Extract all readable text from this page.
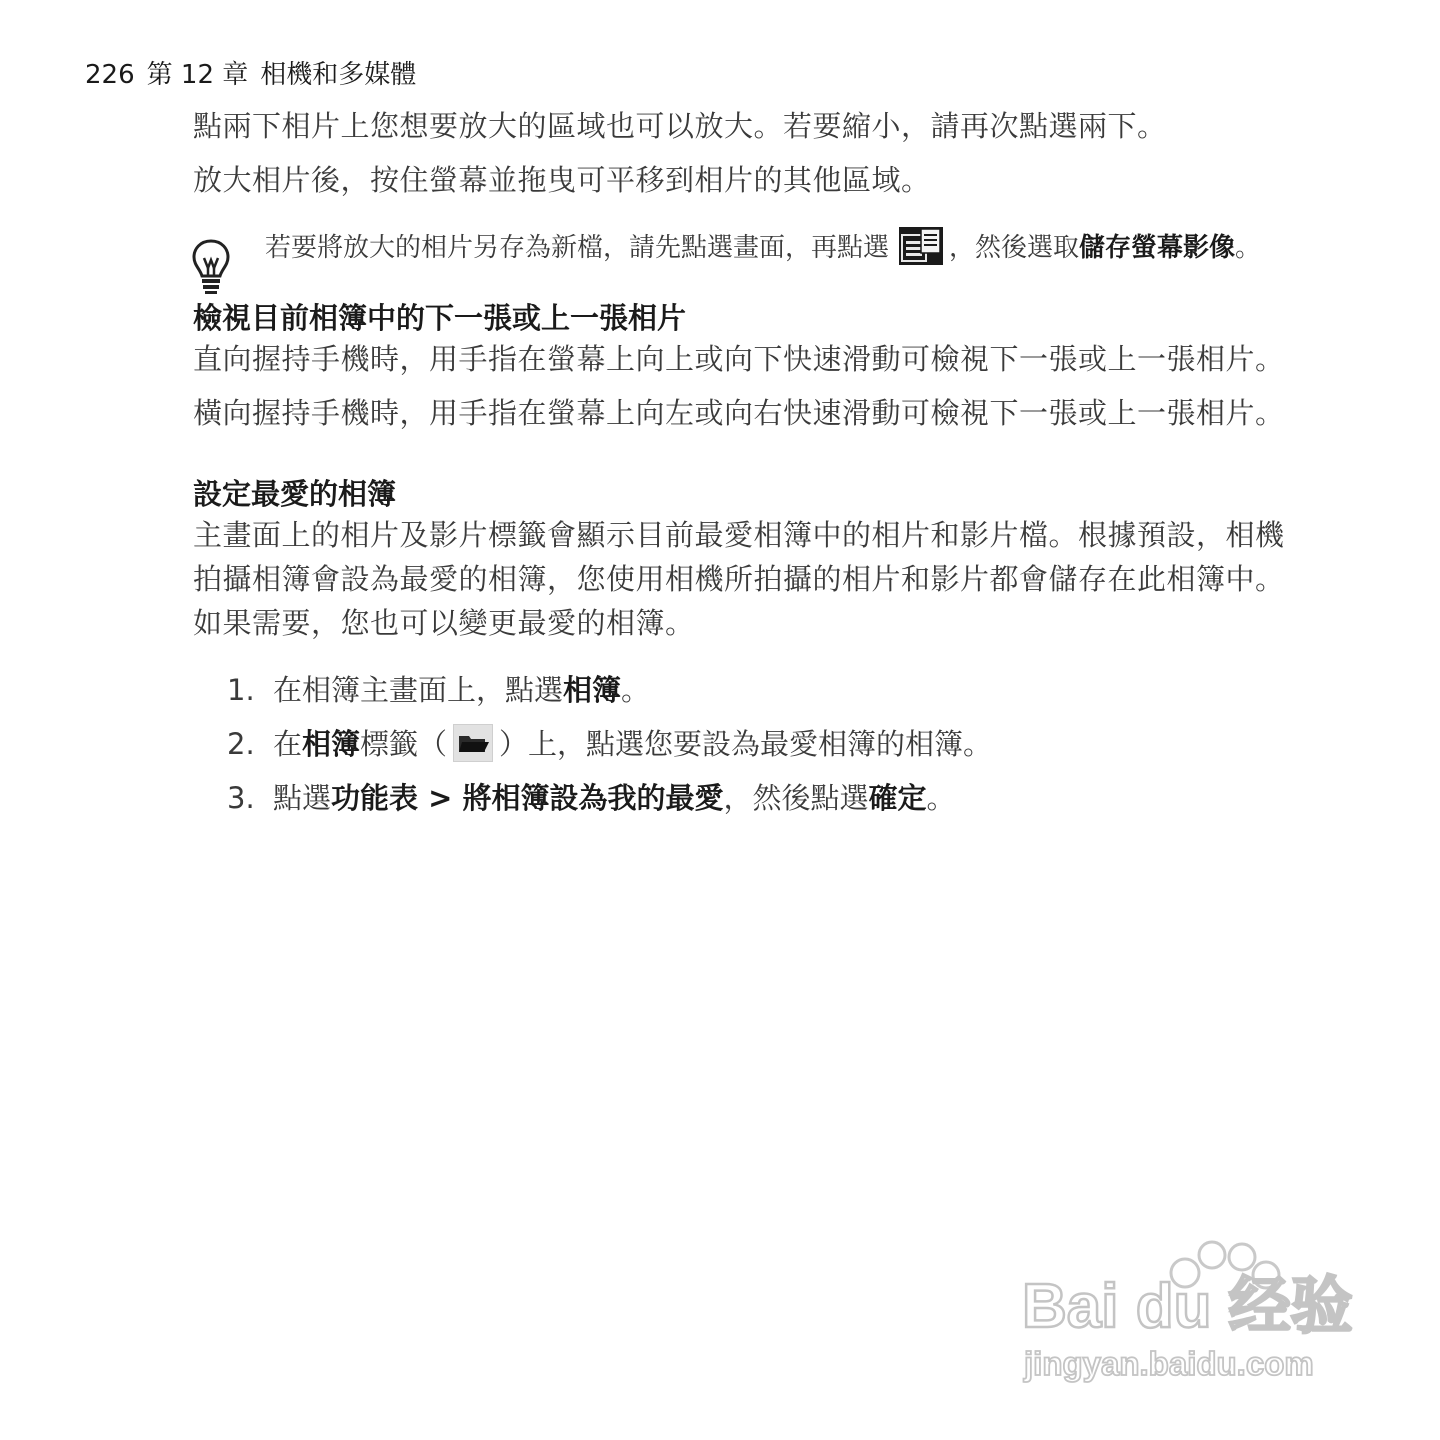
226 第 12 章 相機和多媒體

點兩下相片上您想要放大的區域也可以放大。若要縮小，請再次點選兩下。

放大相片後，按住螢幕並拖曳可平移到相片的其他區域。

若要將放大的相片另存為新檔，請先點選畫面，再點選 ，然後選取儲存螢幕影像。
檢視目前相簿中的下一張或上一張相片

直向握持手機時，用手指在螢幕上向上或向下快速滑動可檢視下一張或上一張相片。

橫向握持手機時，用手指在螢幕上向左或向右快速滑動可檢視下一張或上一張相片。

設定最愛的相簿

主畫面上的相片及影片標籤會顯示目前最愛相簿中的相片和影片檔。根據預設，相機拍攝相簿會設為最愛的相簿，您使用相機所拍攝的相片和影片都會儲存在此相簿中。如果需要，您也可以變更最愛的相簿。

1. 在相簿主畫面上，點選相簿。
2. 在相簿標籤（ ）上，點選您要設為最愛相簿的相簿。
3. 點選功能表 > 將相簿設為我的最愛，然後點選確定。
Bai du 经验
jingyan.baidu.com
